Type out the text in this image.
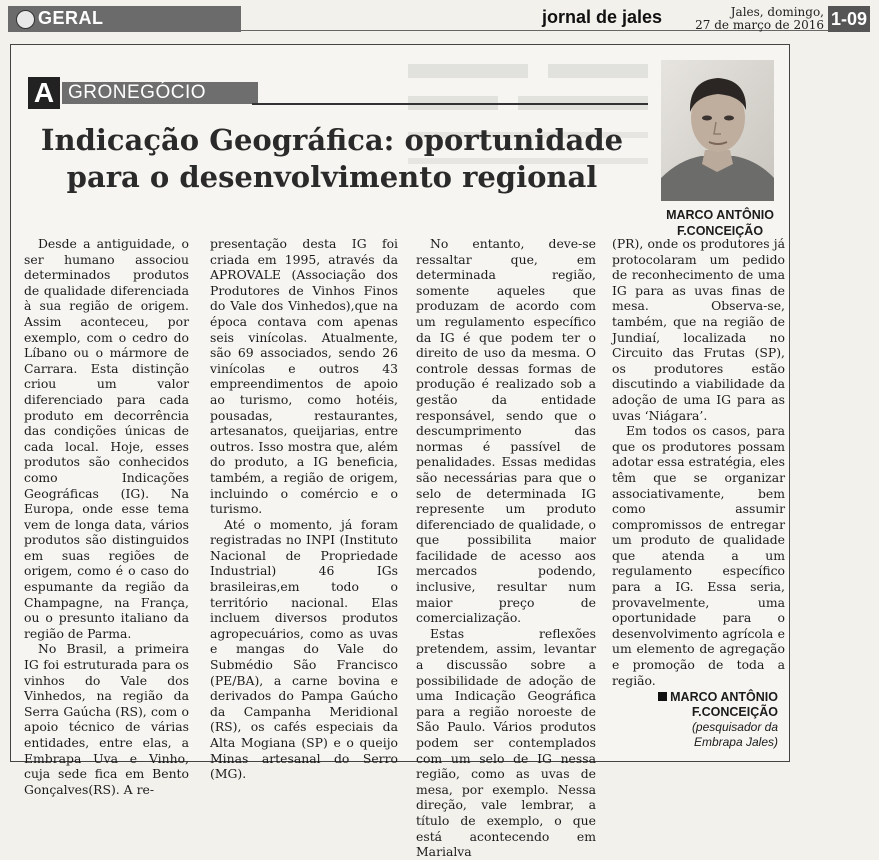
GERAL	jornal de jales	Jales, domingo,
27 de março de 2016 1-09
A GRONEGÓCIO
Indicação Geográfica: oportunidade para o desenvolvimento regional
MARCO ANTÔNIO
F.CONCEIÇÃO

Desde a antiguidade, o ser humano associou determinados produtos de qualidade diferenciada à sua região de origem. Assim aconteceu, por exemplo, com o cedro do Líbano ou o mármore de Carrara. Esta distinção criou um valor diferenciado para cada produto em decorrência das condições únicas de cada local. Hoje, esses produtos são conhecidos como Indicações Geográficas (IG). Na Europa, onde esse tema vem de longa data, vários produtos são distinguidos em suas regiões de origem, como é o caso do espumante da região da Champagne, na França, ou o presunto italiano da região de Parma.

No Brasil, a primeira IG foi estruturada para os vinhos do Vale dos Vinhedos, na região da Serra Gaúcha (RS), com o apoio técnico de várias entidades, entre elas, a Embrapa Uva e Vinho, cuja sede fica em Bento Gonçalves(RS). A re-

presentação desta IG foi criada em 1995, através da APROVALE (Associação dos Produtores de Vinhos Finos do Vale dos Vinhedos),que na época contava com apenas seis vinícolas. Atualmente, são 69 associados, sendo 26 vinícolas e outros 43 empreendimentos de apoio ao turismo, como hotéis, pousadas, restaurantes, artesanatos, queijarias, entre outros. Isso mostra que, além do produto, a IG beneficia, também, a região de origem, incluindo o comércio e o turismo.

Até o momento, já foram registradas no INPI (Instituto Nacional de Propriedade Industrial) 46 IGs brasileiras,em todo o território nacional. Elas incluem diversos produtos agropecuários, como as uvas e mangas do Vale do Submédio São Francisco (PE/BA), a carne bovina e derivados do Pampa Gaúcho da Campanha Meridional (RS), os cafés especiais da Alta Mogiana (SP) e o queijo Minas artesanal do Serro (MG).

No entanto, deve-se ressaltar que, em determinada região, somente aqueles que produzam de acordo com um regulamento específico da IG é que podem ter o direito de uso da mesma. O controle dessas formas de produção é realizado sob a gestão da entidade responsável, sendo que o descumprimento das normas é passível de penalidades. Essas medidas são necessárias para que o selo de determinada IG represente um produto diferenciado de qualidade, o que possibilita maior facilidade de acesso aos mercados podendo, inclusive, resultar num maior preço de comercialização.

Estas reflexões pretendem, assim, levantar a discussão sobre a possibilidade de adoção de uma Indicação Geográfica para a região noroeste de São Paulo. Vários produtos podem ser contemplados com um selo de IG nessa região, como as uvas de mesa, por exemplo. Nessa direção, vale lembrar, a título de exemplo, o que está acontecendo em Marialva

(PR), onde os produtores já protocolaram um pedido de reconhecimento de uma IG para as uvas finas de mesa. Observa-se, também, que na região de Jundiaí, localizada no Circuito das Frutas (SP), os produtores estão discutindo a viabilidade da adoção de uma IG para as uvas ‘Niágara’.

Em todos os casos, para que os produtores possam adotar essa estratégia, eles têm que se organizar associativamente, bem como assumir compromissos de entregar um produto de qualidade que atenda a um regulamento específico para a IG. Essa seria, provavelmente, uma oportunidade para o desenvolvimento agrícola e um elemento de agregação e promoção de toda a região.

MARCO ANTÔNIO
F.CONCEIÇÃO
(pesquisador da
Embrapa Jales)
